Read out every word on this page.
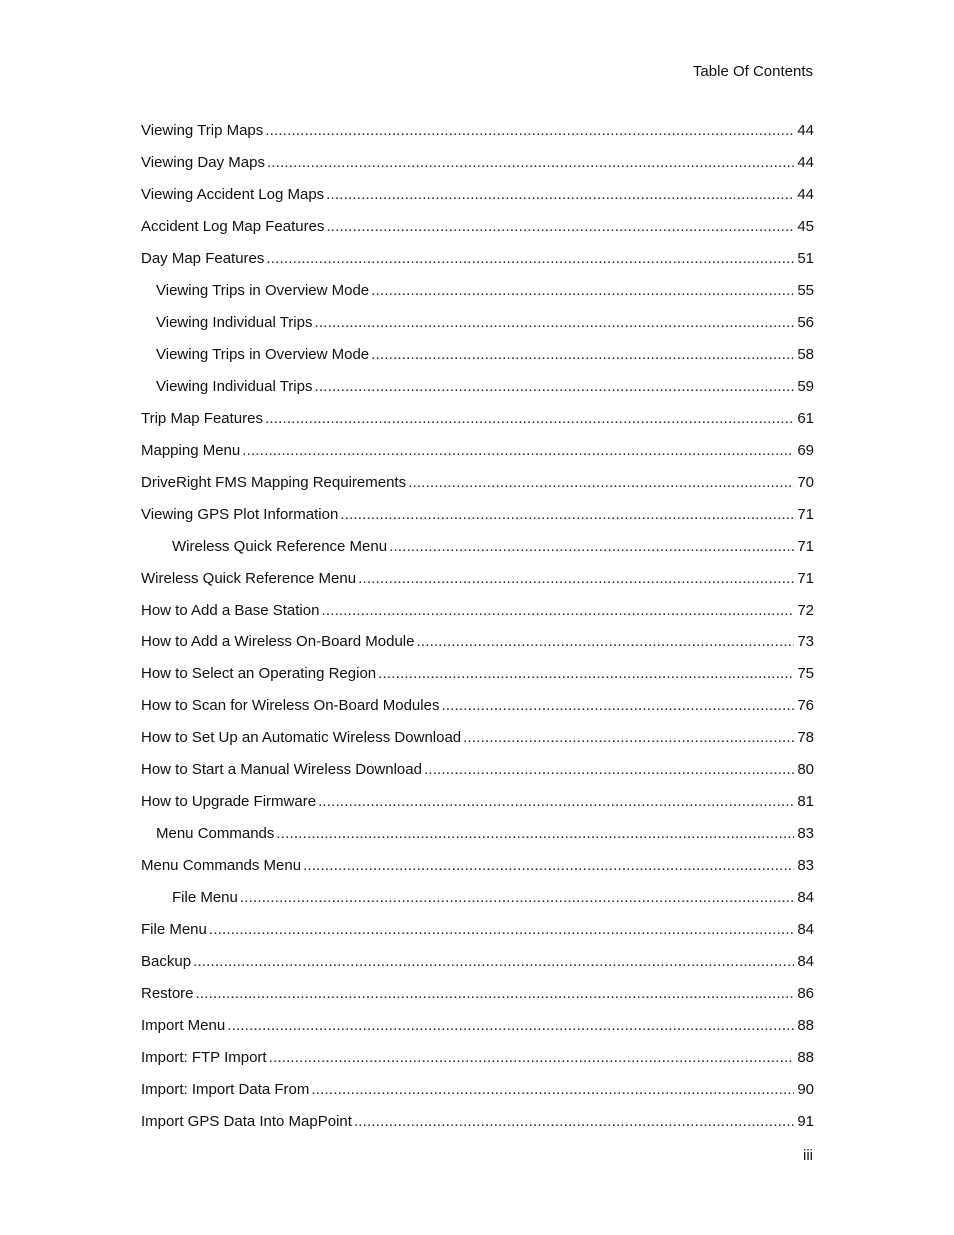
Table Of Contents
Viewing Trip Maps .....	44
Viewing Day Maps .....	44
Viewing Accident Log Maps .....	44
Accident Log Map Features .....	45
Day Map Features .....	51
Viewing Trips in Overview Mode .....	55
Viewing Individual Trips .....	56
Viewing Trips in Overview Mode .....	58
Viewing Individual Trips .....	59
Trip Map Features .....	61
Mapping Menu .....	69
DriveRight FMS Mapping Requirements .....	70
Viewing GPS Plot Information .....	71
Wireless Quick Reference Menu .....	71
Wireless Quick Reference Menu .....	71
How to Add a Base Station .....	72
How to Add a Wireless On-Board Module .....	73
How to Select an Operating Region .....	75
How to Scan for Wireless On-Board Modules .....	76
How to Set Up an Automatic Wireless Download .....	78
How to Start a Manual Wireless Download .....	80
How to Upgrade Firmware .....	81
Menu Commands .....	83
Menu Commands Menu .....	83
File Menu .....	84
File Menu .....	84
Backup .....	84
Restore .....	86
Import Menu .....	88
Import: FTP Import .....	88
Import: Import Data From .....	90
Import GPS Data Into MapPoint .....	91
iii
